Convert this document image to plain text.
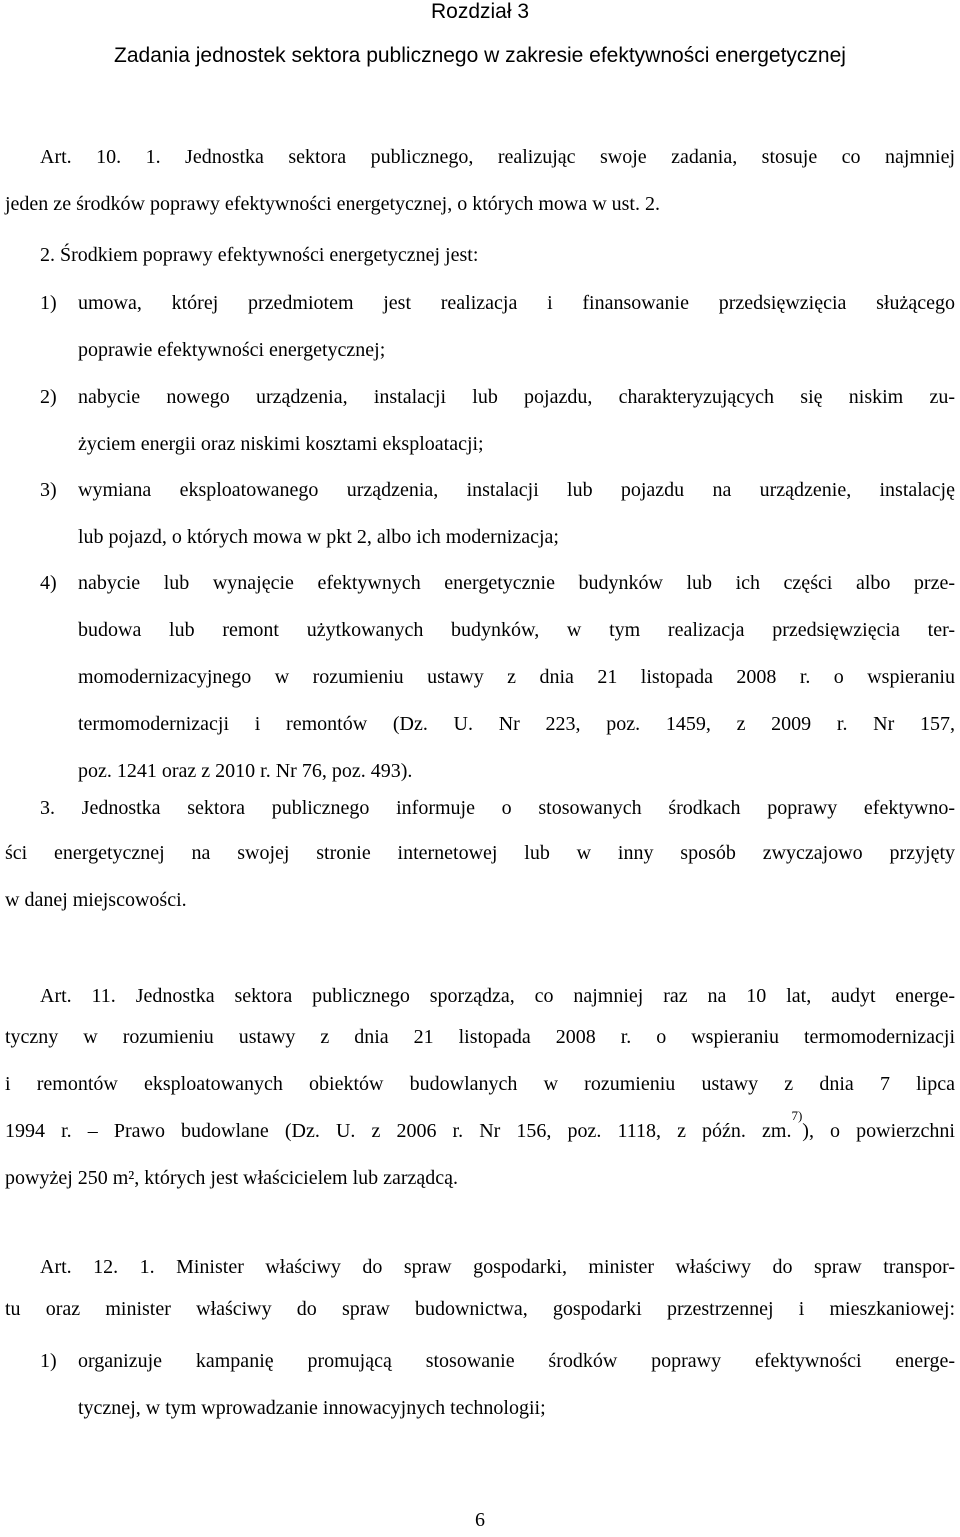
Rozdział 3
Zadania jednostek sektora publicznego w zakresie efektywności energetycznej
Art. 10. 1. Jednostka sektora publicznego, realizując swoje zadania, stosuje co najmniej
jeden ze środków poprawy efektywności energetycznej, o których mowa w ust. 2.
2. Środkiem poprawy efektywności energetycznej jest:
1) umowa, której przedmiotem jest realizacja i finansowanie przedsięwzięcia służącego
poprawie efektywności energetycznej;
2) nabycie nowego urządzenia, instalacji lub pojazdu, charakteryzujących się niskim zu-
życiem energii oraz niskimi kosztami eksploatacji;
3) wymiana eksploatowanego urządzenia, instalacji lub pojazdu na urządzenie, instalację
lub pojazd, o których mowa w pkt 2, albo ich modernizacja;
4) nabycie lub wynajęcie efektywnych energetycznie budynków lub ich części albo prze-
budowa lub remont użytkowanych budynków, w tym realizacja przedsięwzięcia ter-
momodernizacyjnego w rozumieniu ustawy z dnia 21 listopada 2008 r. o wspieraniu
termomodernizacji i remontów (Dz. U. Nr 223, poz. 1459, z 2009 r. Nr 157,
poz. 1241 oraz z 2010 r. Nr 76, poz. 493).
3. Jednostka sektora publicznego informuje o stosowanych środkach poprawy efektywno-
ści energetycznej na swojej stronie internetowej lub w inny sposób zwyczajowo przyjęty
w danej miejscowości.
Art. 11. Jednostka sektora publicznego sporządza, co najmniej raz na 10 lat, audyt energe-
tyczny w rozumieniu ustawy z dnia 21 listopada 2008 r. o wspieraniu termomodernizacji
i remontów eksploatowanych obiektów budowlanych w rozumieniu ustawy z dnia 7 lipca
1994 r. – Prawo budowlane (Dz. U. z 2006 r. Nr 156, poz. 1118, z późn. zm.$^{7)}$), o powierzchni
powyżej 250 m², których jest właścicielem lub zarządcą.
Art. 12. 1. Minister właściwy do spraw gospodarki, minister właściwy do spraw transpor-
tu oraz minister właściwy do spraw budownictwa, gospodarki przestrzennej i mieszkaniowej:
1) organizuje kampanię promującą stosowanie środków poprawy efektywności energe-
tycznej, w tym wprowadzanie innowacyjnych technologii;
6
